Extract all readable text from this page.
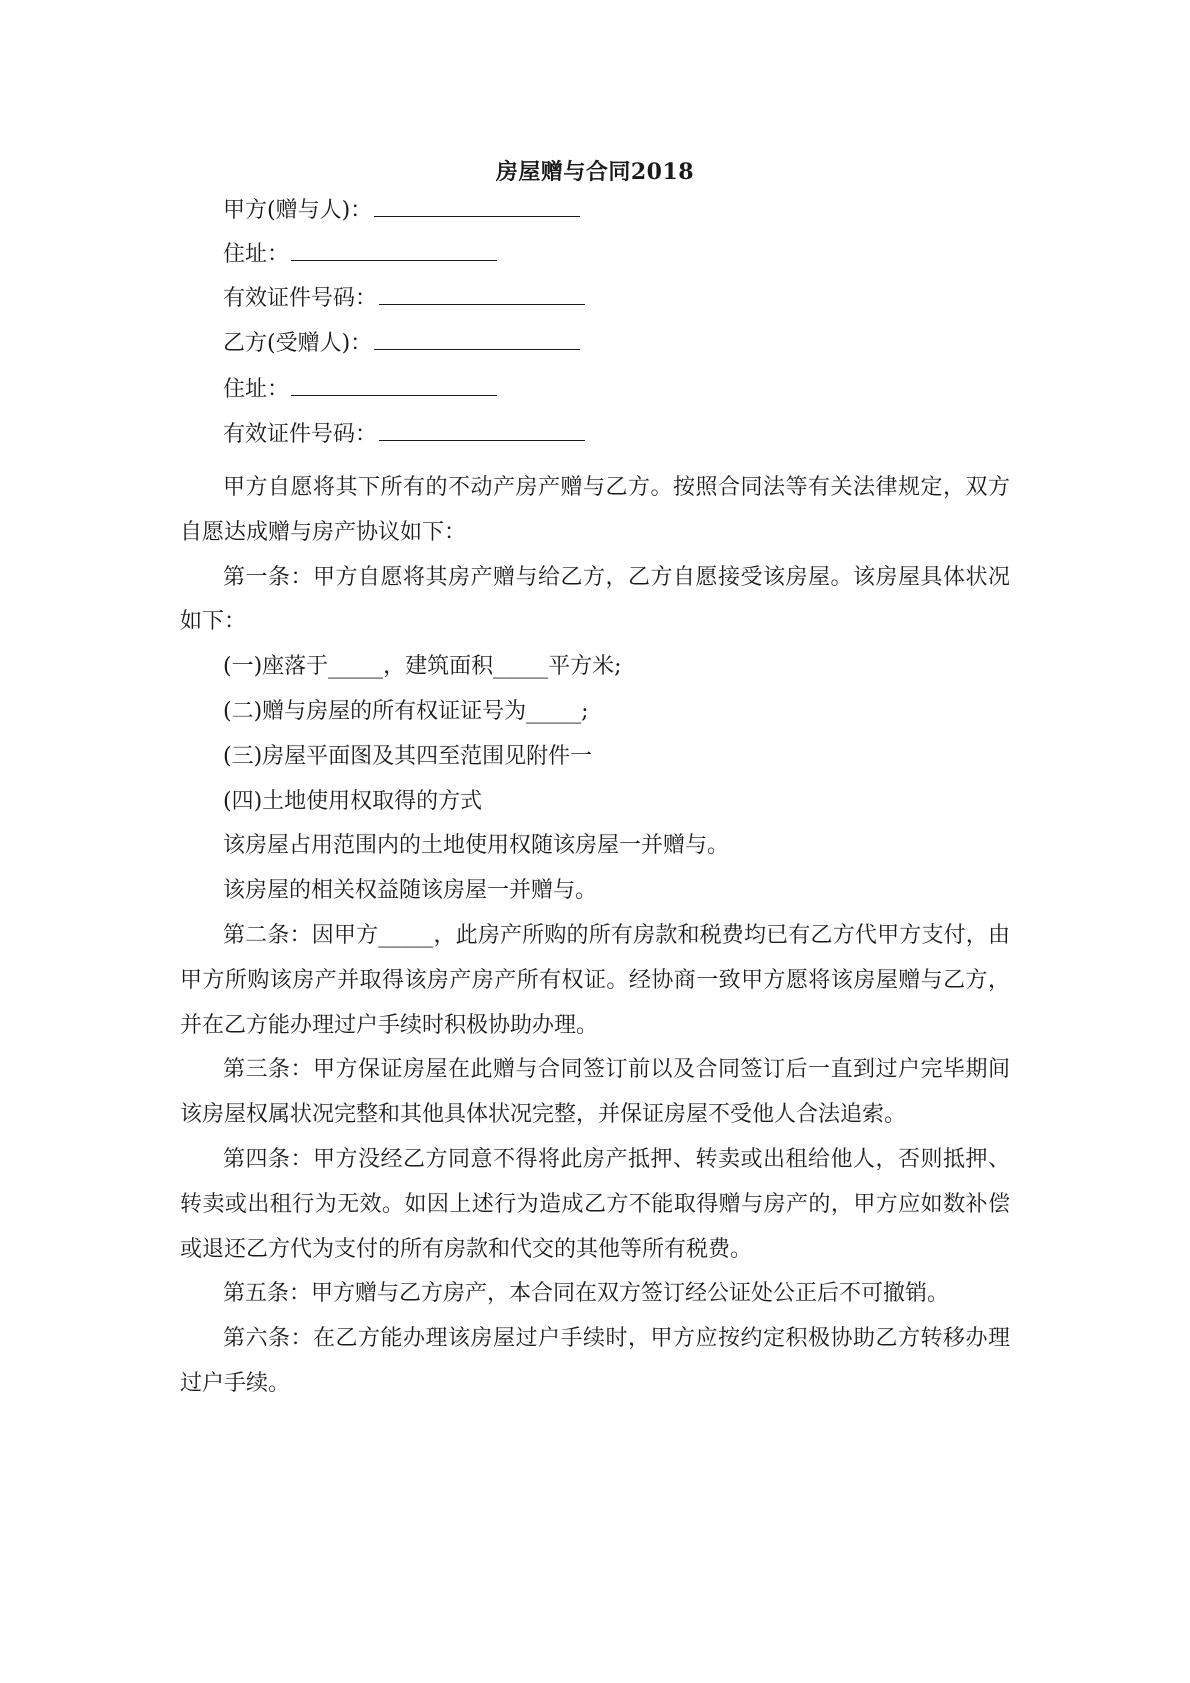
房屋赠与合同2018
甲方(赠与人)：
住址：
有效证件号码：
乙方(受赠人)：
住址：
有效证件号码：

甲方自愿将其下所有的不动产房产赠与乙方。按照合同法等有关法律规定，双方自愿达成赠与房产协议如下：

第一条：甲方自愿将其房产赠与给乙方，乙方自愿接受该房屋。该房屋具体状况如下：

(一)座落于_____，建筑面积_____平方米;

(二)赠与房屋的所有权证证号为_____;

(三)房屋平面图及其四至范围见附件一

(四)土地使用权取得的方式

该房屋占用范围内的土地使用权随该房屋一并赠与。

该房屋的相关权益随该房屋一并赠与。

第二条：因甲方_____，此房产所购的所有房款和税费均已有乙方代甲方支付，由甲方所购该房产并取得该房产房产所有权证。经协商一致甲方愿将该房屋赠与乙方，并在乙方能办理过户手续时积极协助办理。

第三条：甲方保证房屋在此赠与合同签订前以及合同签订后一直到过户完毕期间该房屋权属状况完整和其他具体状况完整，并保证房屋不受他人合法追索。

第四条：甲方没经乙方同意不得将此房产抵押、转卖或出租给他人，否则抵押、转卖或出租行为无效。如因上述行为造成乙方不能取得赠与房产的，甲方应如数补偿或退还乙方代为支付的所有房款和代交的其他等所有税费。

第五条：甲方赠与乙方房产，本合同在双方签订经公证处公正后不可撤销。

第六条：在乙方能办理该房屋过户手续时，甲方应按约定积极协助乙方转移办理过户手续。
